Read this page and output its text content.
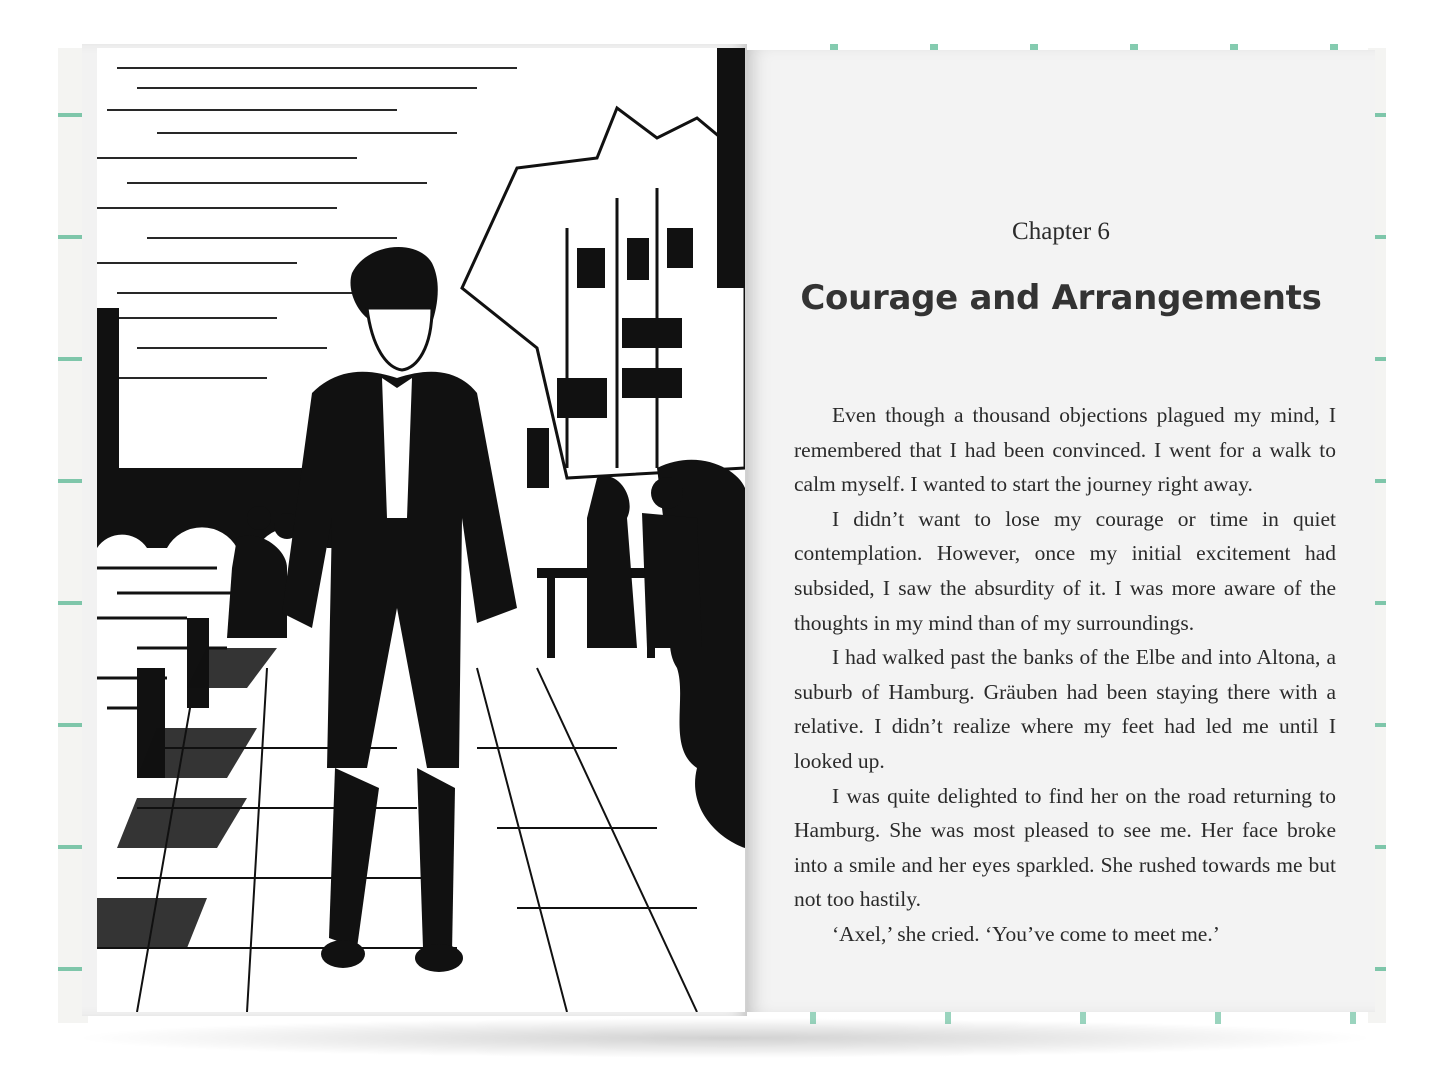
Chapter 6
Courage and Arrangements

Even though a thousand objections plagued my mind, I remembered that I had been convinced. I went for a walk to calm myself. I wanted to start the journey right away.

I didn’t want to lose my courage or time in quiet contemplation. However, once my initial excitement had subsided, I saw the absurdity of it. I was more aware of the thoughts in my mind than of my surroundings.

I had walked past the banks of the Elbe and into Altona, a suburb of Hamburg. Gräuben had been staying there with a relative. I didn’t realize where my feet had led me until I looked up.

I was quite delighted to find her on the road returning to Hamburg. She was most pleased to see me. Her face broke into a smile and her eyes sparkled. She rushed towards me but not too hastily.

‘Axel,’ she cried. ‘You’ve come to meet me.’
